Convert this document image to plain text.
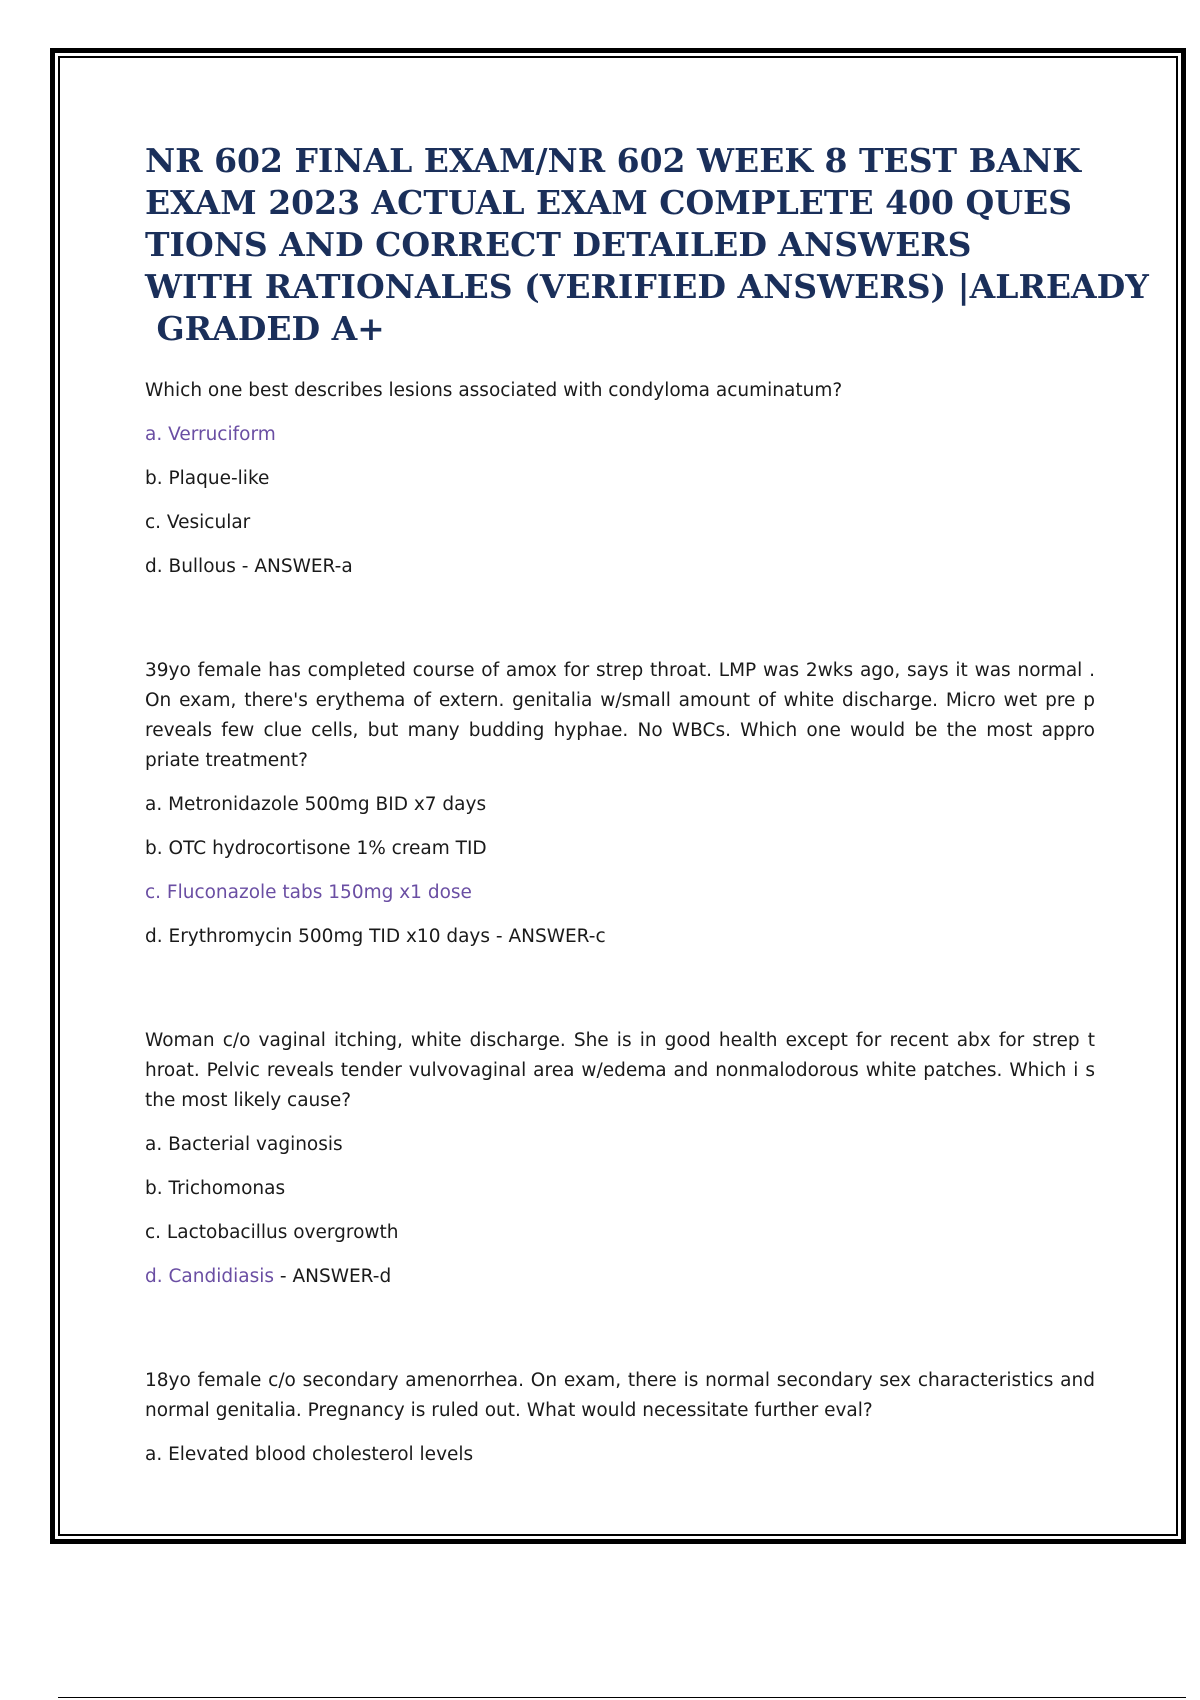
NR 602 FINAL EXAM/NR 602 WEEK 8 TEST BANK
EXAM 2023 ACTUAL EXAM COMPLETE 400 QUES
TIONS AND CORRECT DETAILED ANSWERS
WITH RATIONALES (VERIFIED ANSWERS) |ALREADY
GRADED A+

Which one best describes lesions associated with condyloma acuminatum?

a. Verruciform
b. Plaque-like
c. Vesicular
d. Bullous - ANSWER-a

39yo female has completed course of amox for strep throat. LMP was 2wks ago, says it was normal . On exam, there's erythema of extern. genitalia w/small amount of white discharge. Micro wet pre p reveals few clue cells, but many budding hyphae. No WBCs. Which one would be the most appro priate treatment?

a. Metronidazole 500mg BID x7 days
b. OTC hydrocortisone 1% cream TID
c. Fluconazole tabs 150mg x1 dose
d. Erythromycin 500mg TID x10 days - ANSWER-c

Woman c/o vaginal itching, white discharge. She is in good health except for recent abx for strep t hroat. Pelvic reveals tender vulvovaginal area w/edema and nonmalodorous white patches. Which i s the most likely cause?

a. Bacterial vaginosis
b. Trichomonas
c. Lactobacillus overgrowth
d. Candidiasis - ANSWER-d

18yo female c/o secondary amenorrhea. On exam, there is normal secondary sex characteristics and normal genitalia. Pregnancy is ruled out. What would necessitate further eval?

a. Elevated blood cholesterol levels
